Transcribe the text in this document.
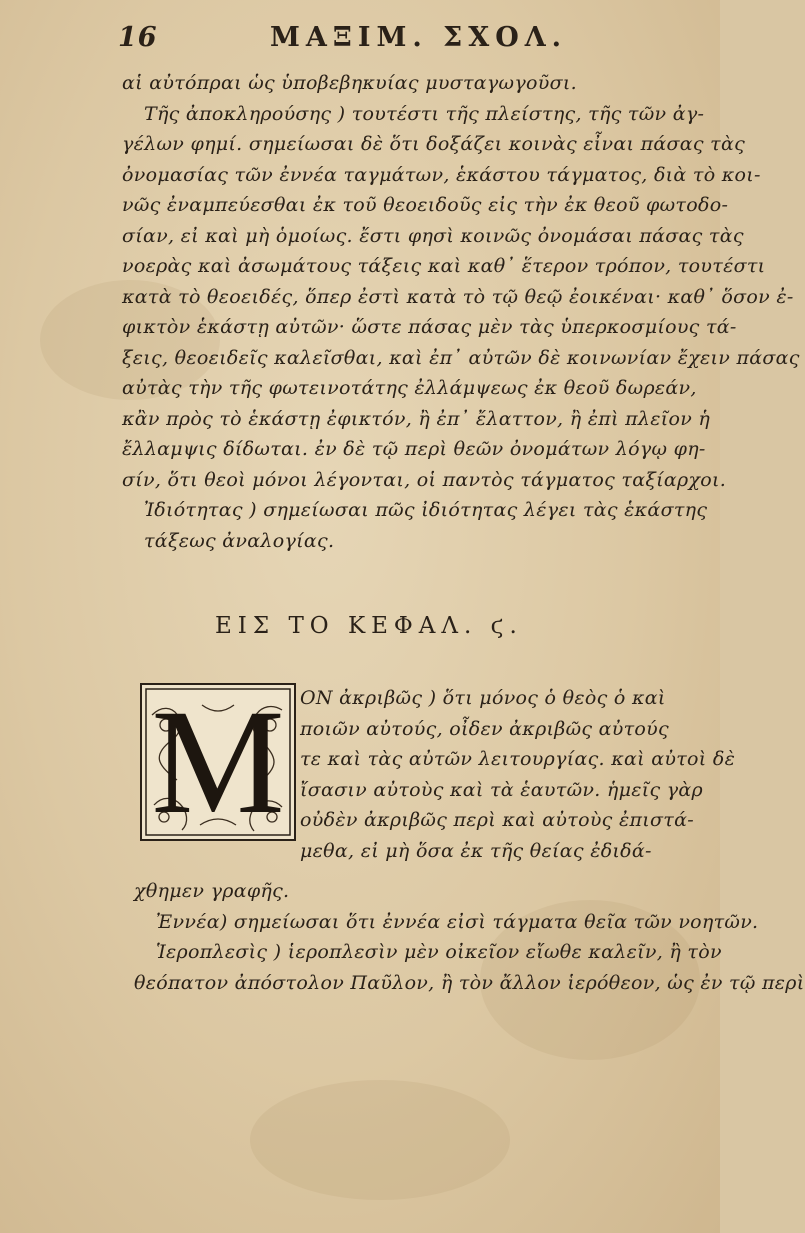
16	ΜΑΞΙΜ. ΣΧΟΛ.
αἱ αὐτόπραι ὡς ὑποβεβηκυίας μυσταγωγοῦσι.
Τῆς ἀποκληρούσης ) τουτέστι τῆς πλείστης, τῆς τῶν ἀγ-
γέλων φημί. σημείωσαι δὲ ὅτι δοξάζει κοινὰς εἶναι πάσας τὰς
ὀνομασίας τῶν ἐννέα ταγμάτων, ἑκάστου τάγματος, διὰ τὸ κοι-
νῶς ἐναμπεύεσθαι ἐκ τοῦ θεοειδοῦς εἰς τὴν ἐκ θεοῦ φωτοδο-
σίαν, εἰ καὶ μὴ ὁμοίως. ἔστι φησὶ κοινῶς ὀνομάσαι πάσας τὰς
νοερὰς καὶ ἀσωμάτους τάξεις καὶ καθ᾽ ἕτερον τρόπον, τουτέστι
κατὰ τὸ θεοειδές, ὅπερ ἐστὶ κατὰ τὸ τῷ θεῷ ἐοικέναι· καθ᾽ ὅσον ἐ-
φικτὸν ἑκάστῃ αὐτῶν· ὥστε πάσας μὲν τὰς ὑπερκοσμίους τά-
ξεις, θεοειδεῖς καλεῖσθαι, καὶ ἐπ᾽ αὐτῶν δὲ κοινωνίαν ἔχειν πάσας
αὐτὰς τὴν τῆς φωτεινοτάτης ἐλλάμψεως ἐκ θεοῦ δωρεάν,
κἂν πρὸς τὸ ἑκάστῃ ἐφικτόν, ἢ ἐπ᾽ ἔλαττον, ἢ ἐπὶ πλεῖον ἡ
ἔλλαμψις δίδωται. ἐν δὲ τῷ περὶ θεῶν ὀνομάτων λόγῳ φη-
σίν, ὅτι θεοὶ μόνοι λέγονται, οἱ παντὸς τάγματος ταξίαρχοι.
Ἰδιότητας ) σημείωσαι πῶς ἰδιότητας λέγει τὰς ἑκάστης
τάξεως ἀναλογίας.
ΕΙΣ ΤΟ ΚΕΦΑΛ. ϛ.
M ΟΝ ἀκριβῶς ) ὅτι μόνος ὁ θεὸς ὁ καὶ
ποιῶν αὐτούς, οἶδεν ἀκριβῶς αὐτούς
τε καὶ τὰς αὐτῶν λειτουργίας. καὶ αὐτοὶ δὲ
ἴσασιν αὐτοὺς καὶ τὰ ἑαυτῶν. ἡμεῖς γὰρ
οὐδὲν ἀκριβῶς περὶ καὶ αὐτοὺς ἐπιστά-
μεθα, εἰ μὴ ὅσα ἐκ τῆς θείας ἐδιδά-
χθημεν γραφῆς.
Ἐννέα) σημείωσαι ὅτι ἐννέα εἰσὶ τάγματα θεῖα τῶν νοητῶν.
Ἱεροπλεσὶς ) ἱεροπλεσὶν μὲν οἰκεῖον εἴωθε καλεῖν, ἢ τὸν
θεόπατον ἀπόστολον Παῦλον, ἢ τὸν ἄλλον ἱερόθεον, ὡς ἐν τῷ περὶ
